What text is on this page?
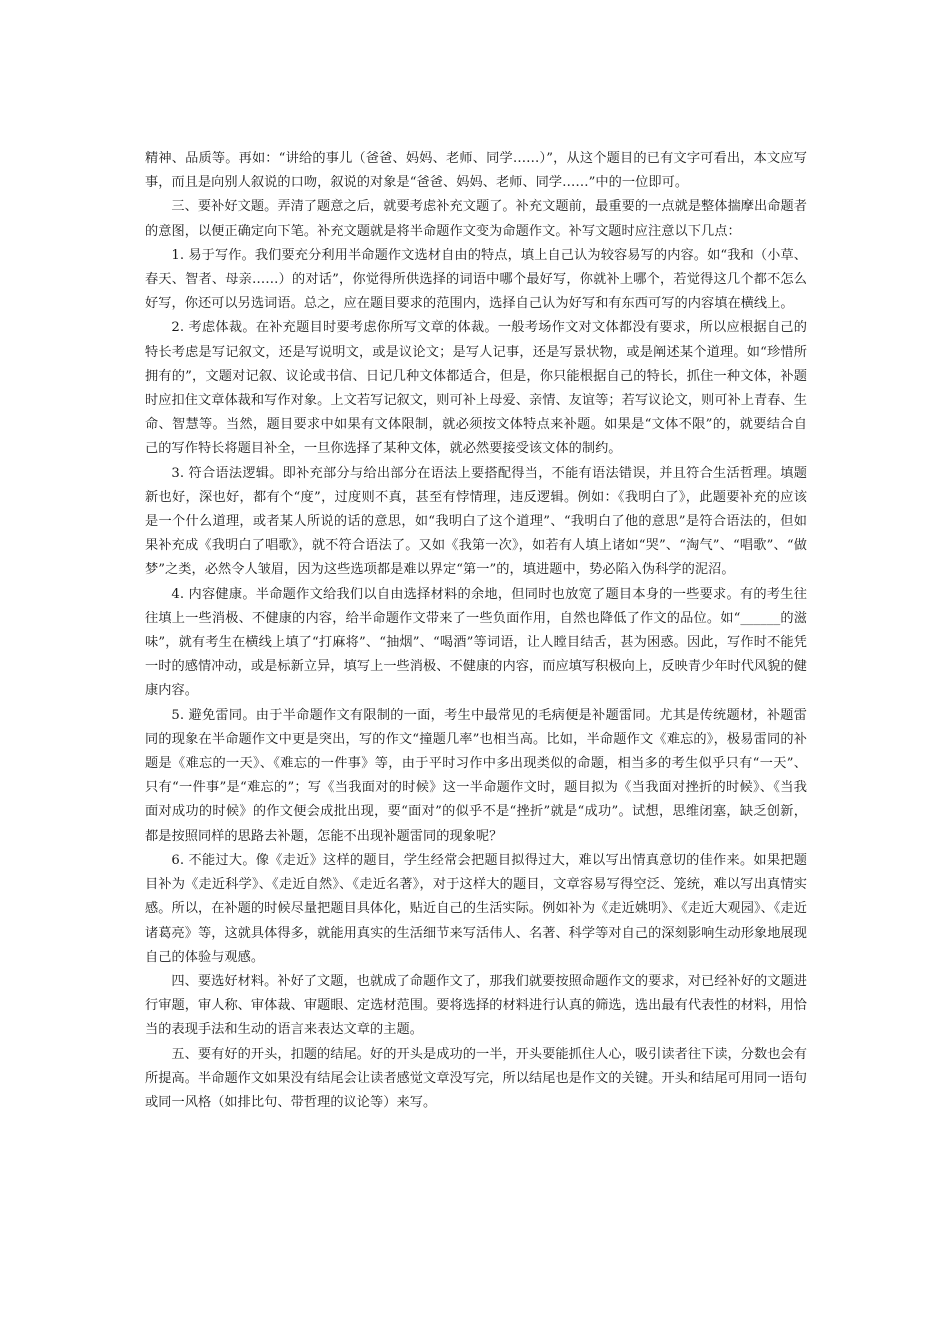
精神、品质等。再如：“讲给的事儿（爸爸、妈妈、老师、同学……）”，从这个题目的已有文字可看出，本文应写事，而且是向别人叙说的口吻，叙说的对象是“爸爸、妈妈、老师、同学……”中的一位即可。

三、要补好文题。弄清了题意之后，就要考虑补充文题了。补充文题前，最重要的一点就是整体揣摩出命题者的意图，以便正确定向下笔。补充文题就是将半命题作文变为命题作文。补写文题时应注意以下几点：

1. 易于写作。我们要充分利用半命题作文选材自由的特点，填上自己认为较容易写的内容。如“我和（小草、春天、智者、母亲……）的对话”，你觉得所供选择的词语中哪个最好写，你就补上哪个，若觉得这几个都不怎么好写，你还可以另选词语。总之，应在题目要求的范围内，选择自己认为好写和有东西可写的内容填在横线上。

2. 考虑体裁。在补充题目时要考虑你所写文章的体裁。一般考场作文对文体都没有要求，所以应根据自己的特长考虑是写记叙文，还是写说明文，或是议论文；是写人记事，还是写景状物，或是阐述某个道理。如“珍惜所拥有的”，文题对记叙、议论或书信、日记几种文体都适合，但是，你只能根据自己的特长，抓住一种文体，补题时应扣住文章体裁和写作对象。上文若写记叙文，则可补上母爱、亲情、友谊等；若写议论文，则可补上青春、生命、智慧等。当然，题目要求中如果有文体限制，就必须按文体特点来补题。如果是“文体不限”的，就要结合自己的写作特长将题目补全，一旦你选择了某种文体，就必然要接受该文体的制约。

3. 符合语法逻辑。即补充部分与给出部分在语法上要搭配得当，不能有语法错误，并且符合生活哲理。填题新也好，深也好，都有个“度”，过度则不真，甚至有悖情理，违反逻辑。例如：《我明白了》，此题要补充的应该是一个什么道理，或者某人所说的话的意思，如“我明白了这个道理”、“我明白了他的意思”是符合语法的，但如果补充成《我明白了唱歌》，就不符合语法了。又如《我第一次》，如若有人填上诸如“哭”、“淘气”、“唱歌”、“做梦”之类，必然令人皱眉，因为这些选项都是难以界定“第一”的，填进题中，势必陷入伪科学的泥沼。

4. 内容健康。半命题作文给我们以自由选择材料的余地，但同时也放宽了题目本身的一些要求。有的考生往往填上一些消极、不健康的内容，给半命题作文带来了一些负面作用，自然也降低了作文的品位。如“______的滋味”，就有考生在横线上填了“打麻将”、“抽烟”、“喝酒”等词语，让人瞠目结舌，甚为困惑。因此，写作时不能凭一时的感情冲动，或是标新立异，填写上一些消极、不健康的内容，而应填写积极向上，反映青少年时代风貌的健康内容。

5. 避免雷同。由于半命题作文有限制的一面，考生中最常见的毛病便是补题雷同。尤其是传统题材，补题雷同的现象在半命题作文中更是突出，写的作文“撞题几率”也相当高。比如，半命题作文《难忘的》，极易雷同的补题是《难忘的一天》、《难忘的一件事》等，由于平时习作中多出现类似的命题，相当多的考生似乎只有“一天”、只有“一件事”是“难忘的”；写《当我面对的时候》这一半命题作文时，题目拟为《当我面对挫折的时候》、《当我面对成功的时候》的作文便会成批出现，要“面对”的似乎不是“挫折”就是“成功”。试想，思维闭塞，缺乏创新，都是按照同样的思路去补题，怎能不出现补题雷同的现象呢？

6. 不能过大。像《走近》这样的题目，学生经常会把题目拟得过大，难以写出情真意切的佳作来。如果把题目补为《走近科学》、《走近自然》、《走近名著》，对于这样大的题目，文章容易写得空泛、笼统，难以写出真情实感。所以，在补题的时候尽量把题目具体化，贴近自己的生活实际。例如补为《走近姚明》、《走近大观园》、《走近诸葛亮》等，这就具体得多，就能用真实的生活细节来写活伟人、名著、科学等对自己的深刻影响生动形象地展现自己的体验与观感。

四、要选好材料。补好了文题，也就成了命题作文了，那我们就要按照命题作文的要求，对已经补好的文题进行审题，审人称、审体裁、审题眼、定选材范围。要将选择的材料进行认真的筛选，选出最有代表性的材料，用恰当的表现手法和生动的语言来表达文章的主题。

五、要有好的开头，扣题的结尾。好的开头是成功的一半，开头要能抓住人心，吸引读者往下读，分数也会有所提高。半命题作文如果没有结尾会让读者感觉文章没写完，所以结尾也是作文的关键。开头和结尾可用同一语句或同一风格（如排比句、带哲理的议论等）来写。
